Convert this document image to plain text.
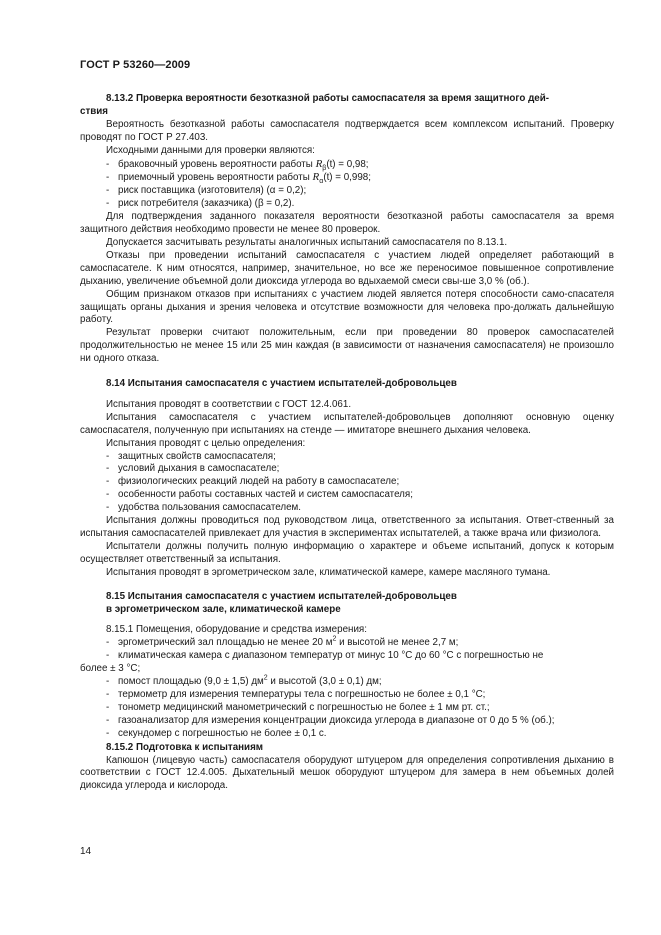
ГОСТ Р 53260—2009

8.13.2 Проверка вероятности безотказной работы самоспасателя за время защитного дей-
ствия

Вероятность безотказной работы самоспасателя подтверждается всем комплексом испытаний. Проверку проводят по ГОСТ Р 27.403.

Исходными данными для проверки являются:

- браковочный уровень вероятности работы $R_\beta(t) = 0,98$;

- приемочный уровень вероятности работы $R_\alpha(t) = 0,998$;

- риск поставщика (изготовителя) (α = 0,2);

- риск потребителя (заказчика) (β = 0,2).

Для подтверждения заданного показателя вероятности безотказной работы самоспасателя за время защитного действия необходимо провести не менее 80 проверок.

Допускается засчитывать результаты аналогичных испытаний самоспасателя по 8.13.1.

Отказы при проведении испытаний самоспасателя с участием людей определяет работающий в самоспасателе. К ним относятся, например, значительное, но все же переносимое повышенное сопротивление дыханию, увеличение объемной доли диоксида углерода во вдыхаемой смеси свы-ше 3,0 % (об.).

Общим признаком отказов при испытаниях с участием людей является потеря способности само-спасателя защищать органы дыхания и зрения человека и отсутствие возможности для человека про-должать дальнейшую работу.

Результат проверки считают положительным, если при проведении 80 проверок самоспасателей продолжительностью не менее 15 или 25 мин каждая (в зависимости от назначения самоспасателя) не произошло ни одного отказа.

8.14 Испытания самоспасателя с участием испытателей-добровольцев

Испытания проводят в соответствии с ГОСТ 12.4.061.

Испытания самоспасателя с участием испытателей-добровольцев дополняют основную оценку самоспасателя, полученную при испытаниях на стенде — имитаторе внешнего дыхания человека.

Испытания проводят с целью определения:

- защитных свойств самоспасателя;

- условий дыхания в самоспасателе;

- физиологических реакций людей на работу в самоспасателе;

- особенности работы составных частей и систем самоспасателя;

- удобства пользования самоспасателем.

Испытания должны проводиться под руководством лица, ответственного за испытания. Ответ-ственный за испытания самоспасателей привлекает для участия в экспериментах испытателей, а также врача или физиолога.

Испытатели должны получить полную информацию о характере и объеме испытаний, допуск к которым осуществляет ответственный за испытания.

Испытания проводят в эргометрическом зале, климатической камере, камере масляного тумана.

8.15 Испытания самоспасателя с участием испытателей-добровольцев
в эргометрическом зале, климатической камере

8.15.1 Помещения, оборудование и средства измерения:

- эргометрический зал площадью не менее 20 $м^2$ и высотой не менее 2,7 м;

- климатическая камера с диапазоном температур от минус 10 °С до 60 °С с погрешностью не

более ± 3 °С;

- помост площадью (9,0 ± 1,5) $дм^2$ и высотой (3,0 ± 0,1) дм;

- термометр для измерения температуры тела с погрешностью не более ± 0,1 °С;

- тонометр медицинский манометрический с погрешностью не более ± 1 мм рт. ст.;

- газоанализатор для измерения концентрации диоксида углерода в диапазоне от 0 до 5 % (об.);

- секундомер с погрешностью не более ± 0,1 с.

8.15.2 Подготовка к испытаниям

Капюшон (лицевую часть) самоспасателя оборудуют штуцером для определения сопротивления дыханию в соответствии с ГОСТ 12.4.005. Дыхательный мешок оборудуют штуцером для замера в нем объемных долей диоксида углерода и кислорода.

14
